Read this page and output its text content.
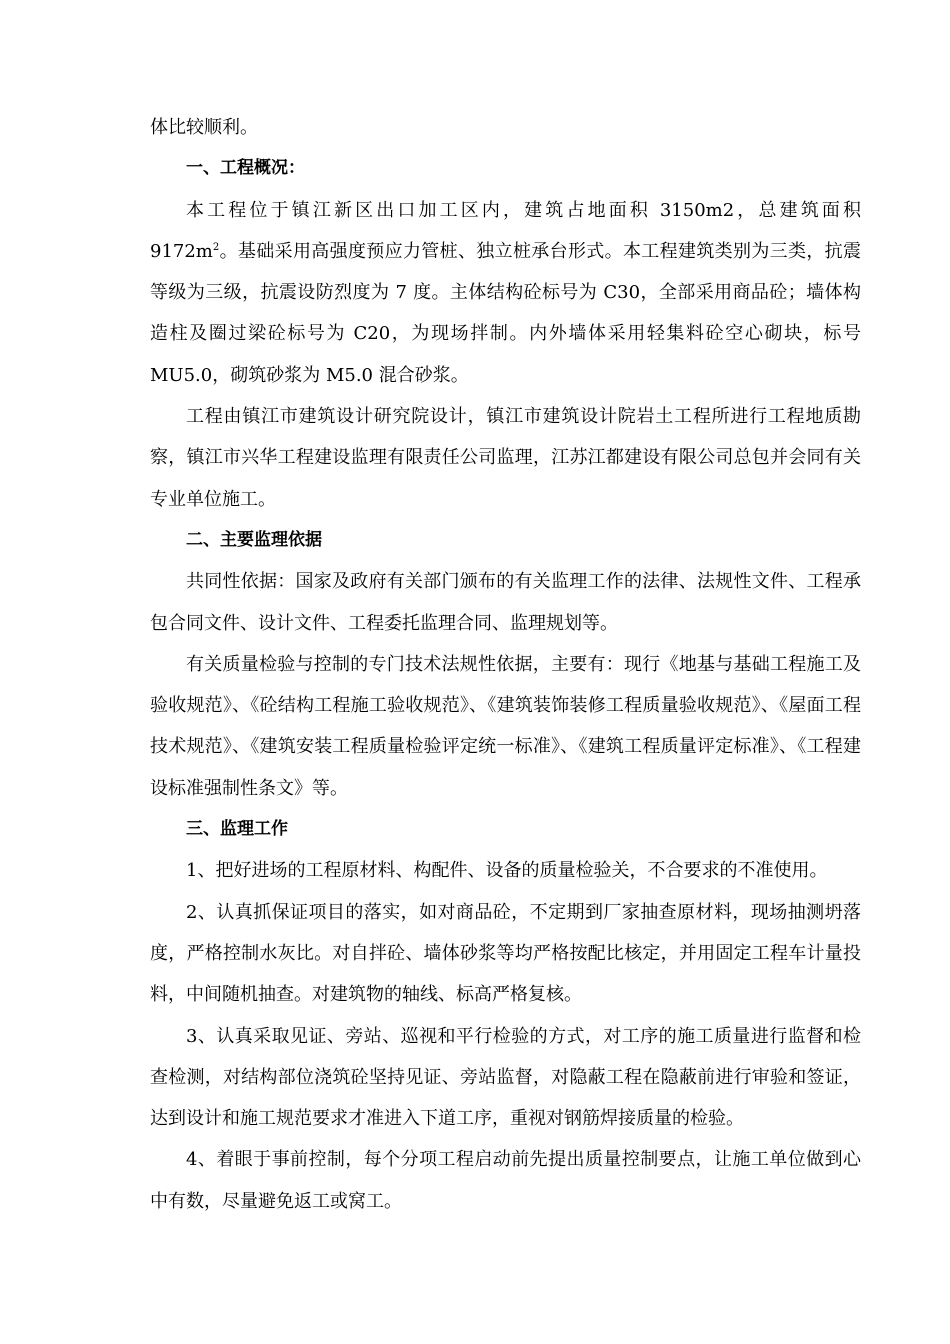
体比较顺利。

一、工程概况：

本工程位于镇江新区出口加工区内，建筑占地面积 3150m2，总建筑面积 $9172m^2$。基础采用高强度预应力管桩、独立桩承台形式。本工程建筑类别为三类，抗震等级为三级，抗震设防烈度为 7 度。主体结构砼标号为 C30，全部采用商品砼；墙体构造柱及圈过梁砼标号为 C20，为现场拌制。内外墙体采用轻集料砼空心砌块，标号 MU5.0，砌筑砂浆为 M5.0 混合砂浆。

工程由镇江市建筑设计研究院设计，镇江市建筑设计院岩土工程所进行工程地质勘察，镇江市兴华工程建设监理有限责任公司监理，江苏江都建设有限公司总包并会同有关专业单位施工。

二、主要监理依据

共同性依据：国家及政府有关部门颁布的有关监理工作的法律、法规性文件、工程承包合同文件、设计文件、工程委托监理合同、监理规划等。

有关质量检验与控制的专门技术法规性依据，主要有：现行《地基与基础工程施工及验收规范》、《砼结构工程施工验收规范》、《建筑装饰装修工程质量验收规范》、《屋面工程技术规范》、《建筑安装工程质量检验评定统一标准》、《建筑工程质量评定标准》、《工程建设标准强制性条文》等。

三、监理工作

1、把好进场的工程原材料、构配件、设备的质量检验关，不合要求的不准使用。

2、认真抓保证项目的落实，如对商品砼，不定期到厂家抽查原材料，现场抽测坍落度，严格控制水灰比。对自拌砼、墙体砂浆等均严格按配比核定，并用固定工程车计量投料，中间随机抽查。对建筑物的轴线、标高严格复核。

3、认真采取见证、旁站、巡视和平行检验的方式，对工序的施工质量进行监督和检查检测，对结构部位浇筑砼坚持见证、旁站监督，对隐蔽工程在隐蔽前进行审验和签证，达到设计和施工规范要求才准进入下道工序，重视对钢筋焊接质量的检验。

4、着眼于事前控制，每个分项工程启动前先提出质量控制要点，让施工单位做到心中有数，尽量避免返工或窝工。
